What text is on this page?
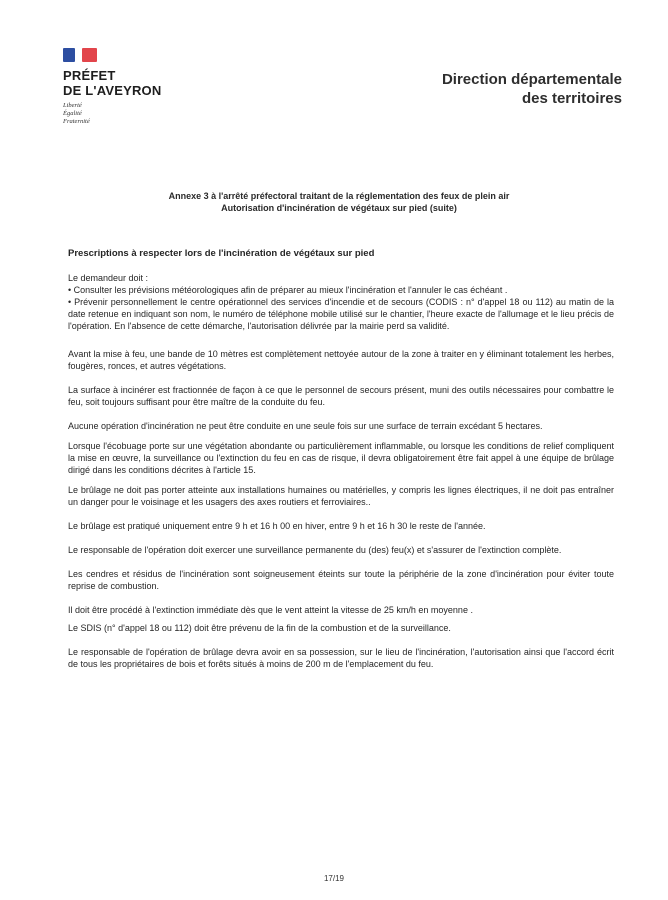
PRÉFET
DE L'AVEYRON
Liberté
Égalité
Fraternité
Direction départementale
des territoires
Annexe 3 à l'arrêté préfectoral traitant de la réglementation des feux de plein air
Autorisation d'incinération de végétaux sur pied (suite)
Prescriptions à respecter lors de l'incinération de végétaux sur pied

Le demandeur doit :

• Consulter les prévisions météorologiques afin de préparer au mieux l'incinération et l'annuler le cas échéant .

• Prévenir personnellement le centre opérationnel des services d'incendie et de secours (CODIS : n° d'appel 18 ou 112) au matin de la date retenue en indiquant son nom, le numéro de téléphone mobile utilisé sur le chantier, l'heure exacte de l'allumage et le lieu précis de l'opération. En l'absence de cette démarche, l'autorisation délivrée par la mairie perd sa validité.

Avant la mise à feu, une bande de 10 mètres est complètement nettoyée autour de la zone à traiter en y éliminant totalement les herbes, fougères, ronces, et autres végétations.

La surface à incinérer est fractionnée de façon à ce que le personnel de secours présent, muni des outils nécessaires pour combattre le feu, soit toujours suffisant pour être maître de la conduite du feu.

Aucune opération d'incinération ne peut être conduite en une seule fois sur une surface de terrain excédant 5 hectares.

Lorsque l'écobuage porte sur une végétation abondante ou particulièrement inflammable, ou lorsque les conditions de relief compliquent la mise en œuvre, la surveillance ou l'extinction du feu en cas de risque, il devra obligatoirement être fait appel à une équipe de brûlage dirigé dans les conditions décrites à l'article 15.

Le brûlage ne doit pas porter atteinte aux installations humaines ou matérielles, y compris les lignes électriques, il ne doit pas entraîner un danger pour le voisinage et les usagers des axes routiers et ferroviaires..

Le brûlage est pratiqué uniquement entre 9 h et 16 h 00 en hiver, entre 9 h et 16 h 30 le reste de l'année.

Le responsable de l'opération doit exercer une surveillance permanente du (des) feu(x) et s'assurer de l'extinction complète.

Les cendres et résidus de l'incinération sont soigneusement éteints sur toute la périphérie de la zone d'incinération pour éviter toute reprise de combustion.

Il doit être procédé à l'extinction immédiate dès que le vent atteint la vitesse de 25 km/h en moyenne .

Le SDIS (n° d'appel 18 ou 112) doit être prévenu de la fin de la combustion et de la surveillance.

Le responsable de l'opération de brûlage devra avoir en sa possession, sur le lieu de l'incinération, l'autorisation ainsi que l'accord écrit de tous les propriétaires de bois et forêts situés à moins de 200 m de l'emplacement du feu.

17/19
